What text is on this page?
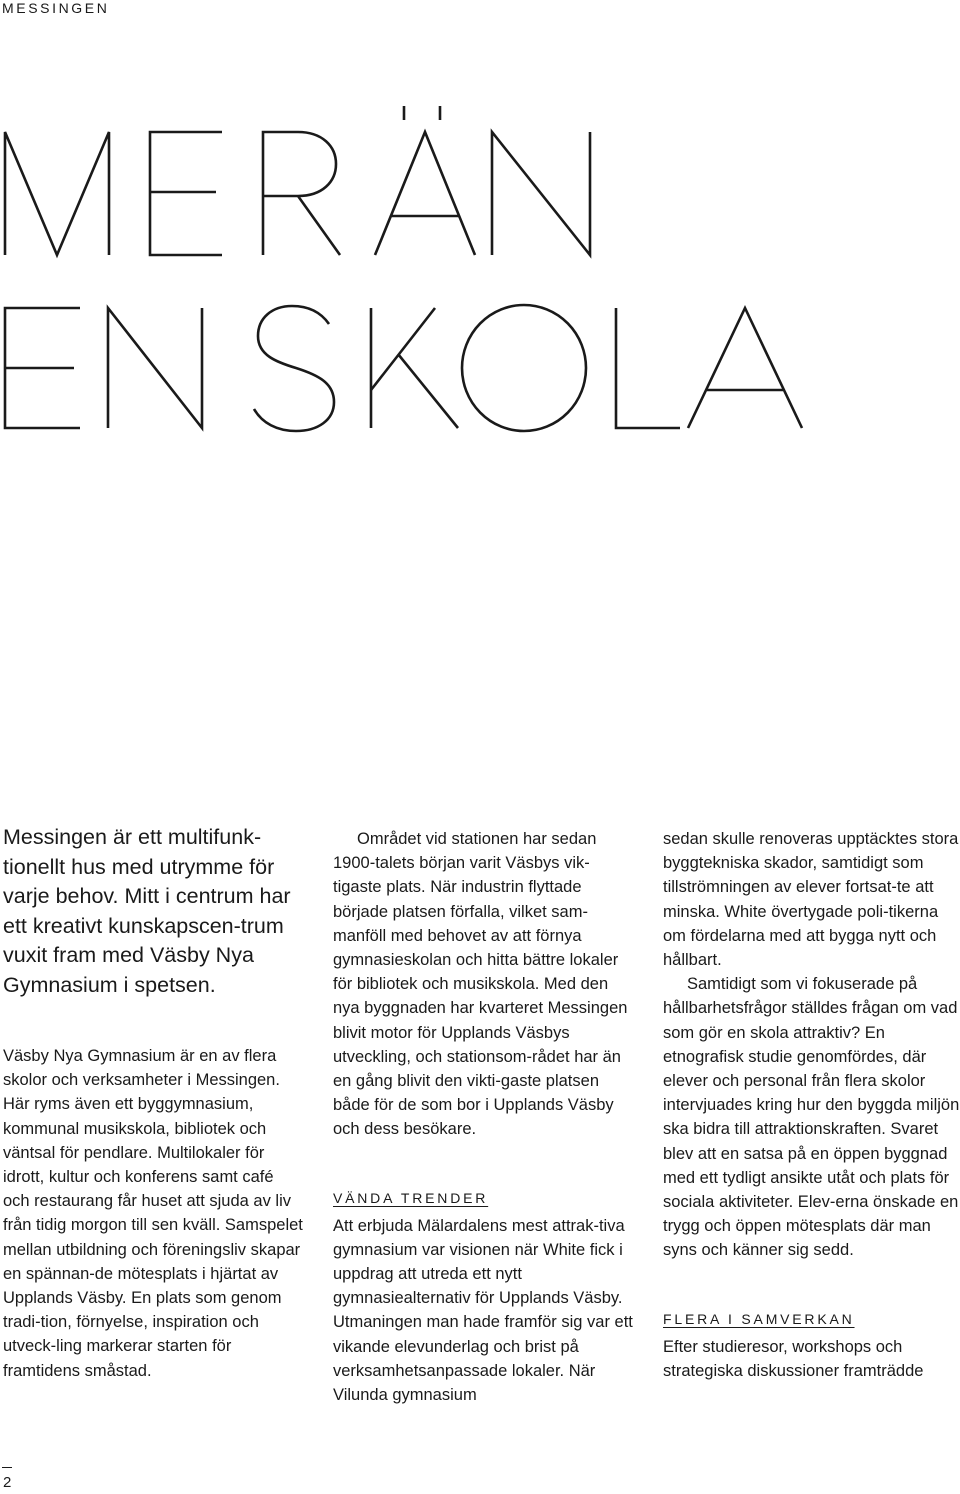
MESSINGEN

Messingen är ett multifunk-tionellt hus med utrymme för varje behov. Mitt i centrum har ett kreativt kunskapscen-trum vuxit fram med Väsby Nya Gymnasium i spetsen.

Väsby Nya Gymnasium är en av flera skolor och verksamheter i Messingen. Här ryms även ett byggymnasium, kommunal musikskola, bibliotek och väntsal för pendlare. Multilokaler för idrott, kultur och konferens samt café och restaurang får huset att sjuda av liv från tidig morgon till sen kväll. Samspelet mellan utbildning och föreningsliv skapar en spännan-de mötesplats i hjärtat av Upplands Väsby. En plats som genom tradi-tion, förnyelse, inspiration och utveck-ling markerar starten för framtidens småstad.

Området vid stationen har sedan 1900-talets början varit Väsbys vik-tigaste plats. När industrin flyttade började platsen förfalla, vilket sam-manföll med behovet av att förnya gymnasieskolan och hitta bättre lokaler för bibliotek och musikskola. Med den nya byggnaden har kvarteret Messingen blivit motor för Upplands Väsbys utveckling, och stationsom-rådet har än en gång blivit den vikti-gaste platsen både för de som bor i Upplands Väsby och dess besökare.

VÄNDA TRENDER

Att erbjuda Mälardalens mest attrak-tiva gymnasium var visionen när White fick i uppdrag att utreda ett nytt gymnasiealternativ för Upplands Väsby. Utmaningen man hade framför sig var ett vikande elevunderlag och brist på verksamhetsanpassade lokaler. När Vilunda gymnasium

sedan skulle renoveras upptäcktes stora byggtekniska skador, samtidigt som tillströmningen av elever fortsat-te att minska. White övertygade poli-tikerna om fördelarna med att bygga nytt och hållbart.

Samtidigt som vi fokuserade på hållbarhetsfrågor ställdes frågan om vad som gör en skola attraktiv? En etnografisk studie genomfördes, där elever och personal från flera skolor intervjuades kring hur den byggda miljön ska bidra till attraktionskraften. Svaret blev att en satsa på en öppen byggnad med ett tydligt ansikte utåt och plats för sociala aktiviteter. Elev-erna önskade en trygg och öppen mötesplats där man syns och känner sig sedd.

FLERA I SAMVERKAN

Efter studieresor, workshops och strategiska diskussioner framträdde

2
